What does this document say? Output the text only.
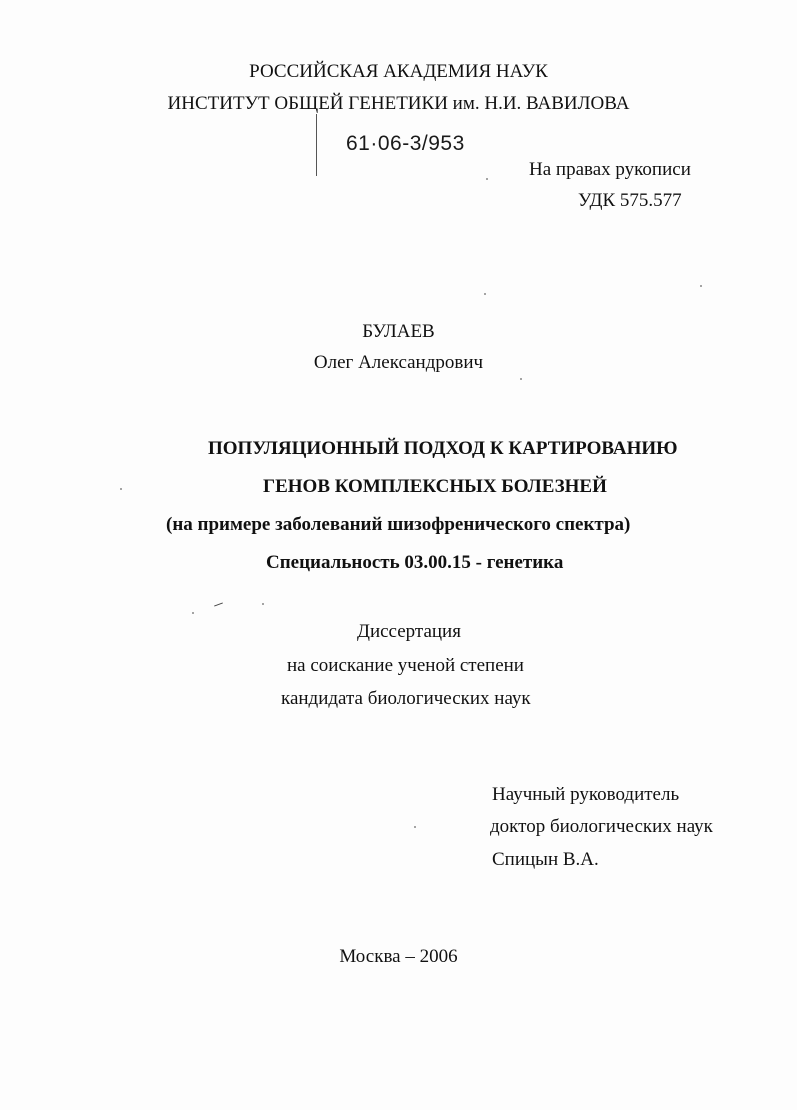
РОССИЙСКАЯ АКАДЕМИЯ НАУК
ИНСТИТУТ ОБЩЕЙ ГЕНЕТИКИ им. Н.И. ВАВИЛОВА
61·06-3/953
На правах рукописи
УДК 575.577
БУЛАЕВ
Олег Александрович
ПОПУЛЯЦИОННЫЙ ПОДХОД К КАРТИРОВАНИЮ
ГЕНОВ КОМПЛЕКСНЫХ БОЛЕЗНЕЙ
(на примере заболеваний шизофренического спектра)
Специальность 03.00.15 - генетика
Диссертация
на соискание ученой степени
кандидата биологических наук
Научный руководитель
доктор биологических наук
Спицын В.А.
Москва – 2006
